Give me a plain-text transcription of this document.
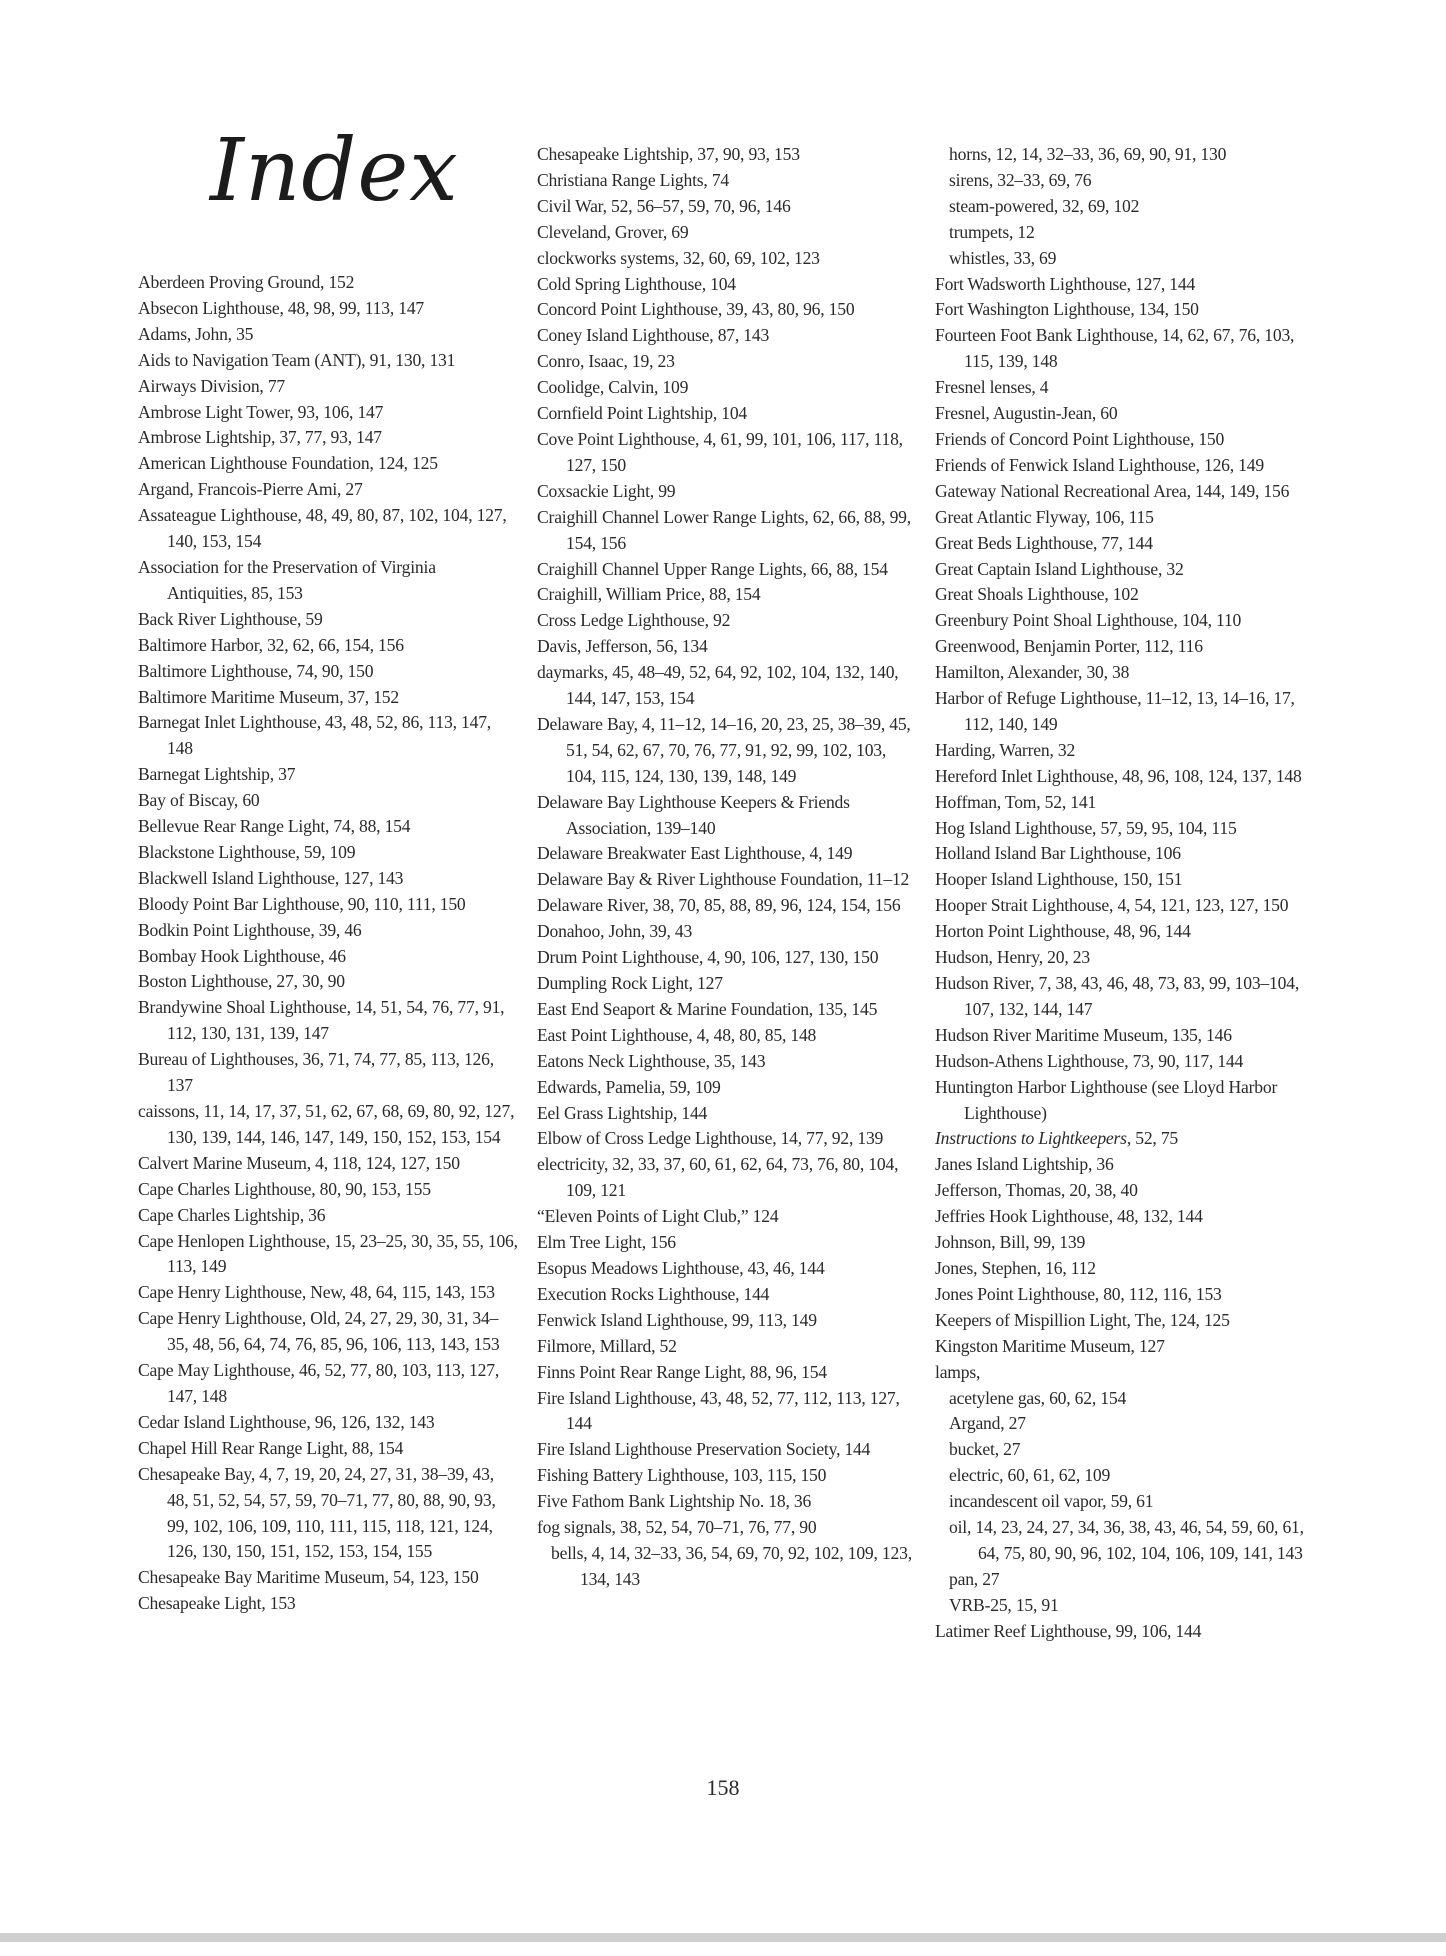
Index
Aberdeen Proving Ground, 152
Absecon Lighthouse, 48, 98, 99, 113, 147
Adams, John, 35
Aids to Navigation Team (ANT), 91, 130, 131
Airways Division, 77
Ambrose Light Tower, 93, 106, 147
Ambrose Lightship, 37, 77, 93, 147
American Lighthouse Foundation, 124, 125
Argand, Francois-Pierre Ami, 27
Assateague Lighthouse, 48, 49, 80, 87, 102, 104, 127, 140, 153, 154
Association for the Preservation of Virginia Antiquities, 85, 153
Back River Lighthouse, 59
Baltimore Harbor, 32, 62, 66, 154, 156
Baltimore Lighthouse, 74, 90, 150
Baltimore Maritime Museum, 37, 152
Barnegat Inlet Lighthouse, 43, 48, 52, 86, 113, 147, 148
Barnegat Lightship, 37
Bay of Biscay, 60
Bellevue Rear Range Light, 74, 88, 154
Blackstone Lighthouse, 59, 109
Blackwell Island Lighthouse, 127, 143
Bloody Point Bar Lighthouse, 90, 110, 111, 150
Bodkin Point Lighthouse, 39, 46
Bombay Hook Lighthouse, 46
Boston Lighthouse, 27, 30, 90
Brandywine Shoal Lighthouse, 14, 51, 54, 76, 77, 91, 112, 130, 131, 139, 147
Bureau of Lighthouses, 36, 71, 74, 77, 85, 113, 126, 137
caissons, 11, 14, 17, 37, 51, 62, 67, 68, 69, 80, 92, 127, 130, 139, 144, 146, 147, 149, 150, 152, 153, 154
Calvert Marine Museum, 4, 118, 124, 127, 150
Cape Charles Lighthouse, 80, 90, 153, 155
Cape Charles Lightship, 36
Cape Henlopen Lighthouse, 15, 23–25, 30, 35, 55, 106, 113, 149
Cape Henry Lighthouse, New, 48, 64, 115, 143, 153
Cape Henry Lighthouse, Old, 24, 27, 29, 30, 31, 34–35, 48, 56, 64, 74, 76, 85, 96, 106, 113, 143, 153
Cape May Lighthouse, 46, 52, 77, 80, 103, 113, 127, 147, 148
Cedar Island Lighthouse, 96, 126, 132, 143
Chapel Hill Rear Range Light, 88, 154
Chesapeake Bay, 4, 7, 19, 20, 24, 27, 31, 38–39, 43, 48, 51, 52, 54, 57, 59, 70–71, 77, 80, 88, 90, 93, 99, 102, 106, 109, 110, 111, 115, 118, 121, 124, 126, 130, 150, 151, 152, 153, 154, 155
Chesapeake Bay Maritime Museum, 54, 123, 150
Chesapeake Light, 153
Chesapeake Lightship, 37, 90, 93, 153
Christiana Range Lights, 74
Civil War, 52, 56–57, 59, 70, 96, 146
Cleveland, Grover, 69
clockworks systems, 32, 60, 69, 102, 123
Cold Spring Lighthouse, 104
Concord Point Lighthouse, 39, 43, 80, 96, 150
Coney Island Lighthouse, 87, 143
Conro, Isaac, 19, 23
Coolidge, Calvin, 109
Cornfield Point Lightship, 104
Cove Point Lighthouse, 4, 61, 99, 101, 106, 117, 118, 127, 150
Coxsackie Light, 99
Craighill Channel Lower Range Lights, 62, 66, 88, 99, 154, 156
Craighill Channel Upper Range Lights, 66, 88, 154
Craighill, William Price, 88, 154
Cross Ledge Lighthouse, 92
Davis, Jefferson, 56, 134
daymarks, 45, 48–49, 52, 64, 92, 102, 104, 132, 140, 144, 147, 153, 154
Delaware Bay, 4, 11–12, 14–16, 20, 23, 25, 38–39, 45, 51, 54, 62, 67, 70, 76, 77, 91, 92, 99, 102, 103, 104, 115, 124, 130, 139, 148, 149
Delaware Bay Lighthouse Keepers & Friends Association, 139–140
Delaware Breakwater East Lighthouse, 4, 149
Delaware Bay & River Lighthouse Foundation, 11–12
Delaware River, 38, 70, 85, 88, 89, 96, 124, 154, 156
Donahoo, John, 39, 43
Drum Point Lighthouse, 4, 90, 106, 127, 130, 150
Dumpling Rock Light, 127
East End Seaport & Marine Foundation, 135, 145
East Point Lighthouse, 4, 48, 80, 85, 148
Eatons Neck Lighthouse, 35, 143
Edwards, Pamelia, 59, 109
Eel Grass Lightship, 144
Elbow of Cross Ledge Lighthouse, 14, 77, 92, 139
electricity, 32, 33, 37, 60, 61, 62, 64, 73, 76, 80, 104, 109, 121
“Eleven Points of Light Club,” 124
Elm Tree Light, 156
Esopus Meadows Lighthouse, 43, 46, 144
Execution Rocks Lighthouse, 144
Fenwick Island Lighthouse, 99, 113, 149
Filmore, Millard, 52
Finns Point Rear Range Light, 88, 96, 154
Fire Island Lighthouse, 43, 48, 52, 77, 112, 113, 127, 144
Fire Island Lighthouse Preservation Society, 144
Fishing Battery Lighthouse, 103, 115, 150
Five Fathom Bank Lightship No. 18, 36
fog signals, 38, 52, 54, 70–71, 76, 77, 90
bells, 4, 14, 32–33, 36, 54, 69, 70, 92, 102, 109, 123, 134, 143
horns, 12, 14, 32–33, 36, 69, 90, 91, 130
sirens, 32–33, 69, 76
steam-powered, 32, 69, 102
trumpets, 12
whistles, 33, 69
Fort Wadsworth Lighthouse, 127, 144
Fort Washington Lighthouse, 134, 150
Fourteen Foot Bank Lighthouse, 14, 62, 67, 76, 103, 115, 139, 148
Fresnel lenses, 4
Fresnel, Augustin-Jean, 60
Friends of Concord Point Lighthouse, 150
Friends of Fenwick Island Lighthouse, 126, 149
Gateway National Recreational Area, 144, 149, 156
Great Atlantic Flyway, 106, 115
Great Beds Lighthouse, 77, 144
Great Captain Island Lighthouse, 32
Great Shoals Lighthouse, 102
Greenbury Point Shoal Lighthouse, 104, 110
Greenwood, Benjamin Porter, 112, 116
Hamilton, Alexander, 30, 38
Harbor of Refuge Lighthouse, 11–12, 13, 14–16, 17, 112, 140, 149
Harding, Warren, 32
Hereford Inlet Lighthouse, 48, 96, 108, 124, 137, 148
Hoffman, Tom, 52, 141
Hog Island Lighthouse, 57, 59, 95, 104, 115
Holland Island Bar Lighthouse, 106
Hooper Island Lighthouse, 150, 151
Hooper Strait Lighthouse, 4, 54, 121, 123, 127, 150
Horton Point Lighthouse, 48, 96, 144
Hudson, Henry, 20, 23
Hudson River, 7, 38, 43, 46, 48, 73, 83, 99, 103–104, 107, 132, 144, 147
Hudson River Maritime Museum, 135, 146
Hudson-Athens Lighthouse, 73, 90, 117, 144
Huntington Harbor Lighthouse (see Lloyd Harbor Lighthouse)
Instructions to Lightkeepers, 52, 75
Janes Island Lightship, 36
Jefferson, Thomas, 20, 38, 40
Jeffries Hook Lighthouse, 48, 132, 144
Johnson, Bill, 99, 139
Jones, Stephen, 16, 112
Jones Point Lighthouse, 80, 112, 116, 153
Keepers of Mispillion Light, The, 124, 125
Kingston Maritime Museum, 127
lamps,
acetylene gas, 60, 62, 154
Argand, 27
bucket, 27
electric, 60, 61, 62, 109
incandescent oil vapor, 59, 61
oil, 14, 23, 24, 27, 34, 36, 38, 43, 46, 54, 59, 60, 61, 64, 75, 80, 90, 96, 102, 104, 106, 109, 141, 143
pan, 27
VRB-25, 15, 91
Latimer Reef Lighthouse, 99, 106, 144
158
